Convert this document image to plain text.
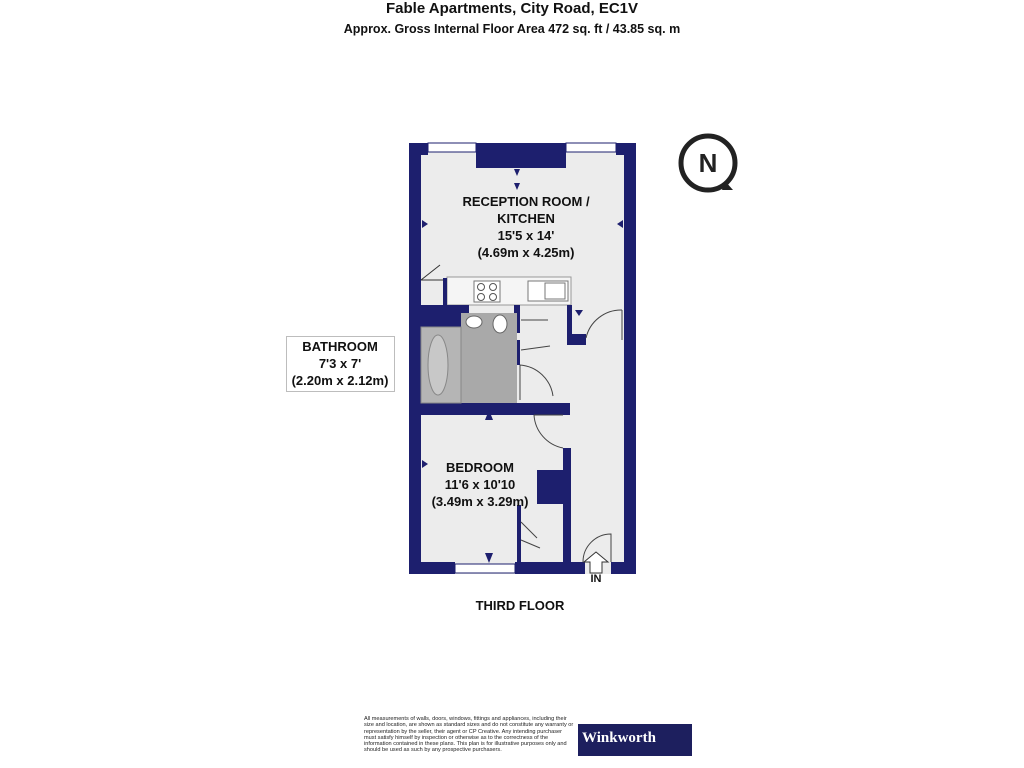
Fable Apartments, City Road, EC1V
Approx. Gross Internal Floor Area 472 sq. ft / 43.85 sq. m
N
RECEPTION ROOM /
KITCHEN
15'5 x 14'
(4.69m x 4.25m)
BATHROOM
7'3 x 7'
(2.20m x 2.12m)
BEDROOM
11'6 x 10'10
(3.49m x 3.29m)
IN
THIRD FLOOR
All measurements of walls, doors, windows, fittings and appliances, including their size and location, are shown as standard sizes and do not constitute any warranty or representation by the seller, their agent or CP Creative. Any intending purchaser must satisfy himself by inspection or otherwise as to the correctness of the information contained in these plans. This plan is for illustrative purposes only and should be used as such by any prospective purchasers.
Winkworth
